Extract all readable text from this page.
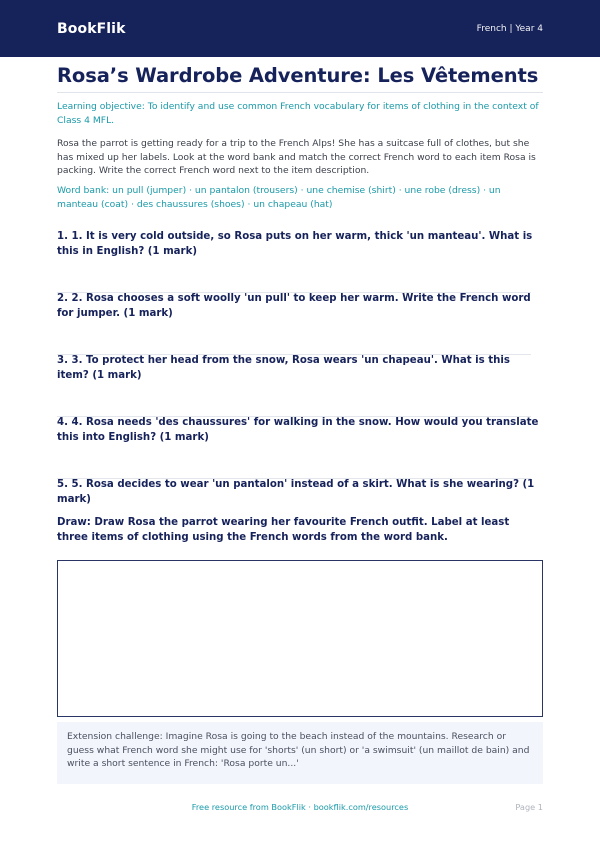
BookFlik	French | Year 4
Rosa’s Wardrobe Adventure: Les Vêtements

Learning objective: To identify and use common French vocabulary for items of clothing in the context of Class 4 MFL.

Rosa the parrot is getting ready for a trip to the French Alps! She has a suitcase full of clothes, but she has mixed up her labels. Look at the word bank and match the correct French word to each item Rosa is packing. Write the correct French word next to the item description.

Word bank: un pull (jumper) · un pantalon (trousers) · une chemise (shirt) · une robe (dress) · un manteau (coat) · des chaussures (shoes) · un chapeau (hat)

1. 1. It is very cold outside, so Rosa puts on her warm, thick 'un manteau'. What is this in English? (1 mark)

2. 2. Rosa chooses a soft woolly 'un pull' to keep her warm. Write the French word for jumper. (1 mark)

3. 3. To protect her head from the snow, Rosa wears 'un chapeau'. What is this item? (1 mark)

4. 4. Rosa needs 'des chaussures' for walking in the snow. How would you translate this into English? (1 mark)

5. 5. Rosa decides to wear 'un pantalon' instead of a skirt. What is she wearing? (1 mark)

Draw: Draw Rosa the parrot wearing her favourite French outfit. Label at least three items of clothing using the French words from the word bank.

Extension challenge: Imagine Rosa is going to the beach instead of the mountains. Research or guess what French word she might use for 'shorts' (un short) or 'a swimsuit' (un maillot de bain) and write a short sentence in French: 'Rosa porte un...'
Free resource from BookFlik · bookflik.com/resources	Page 1
